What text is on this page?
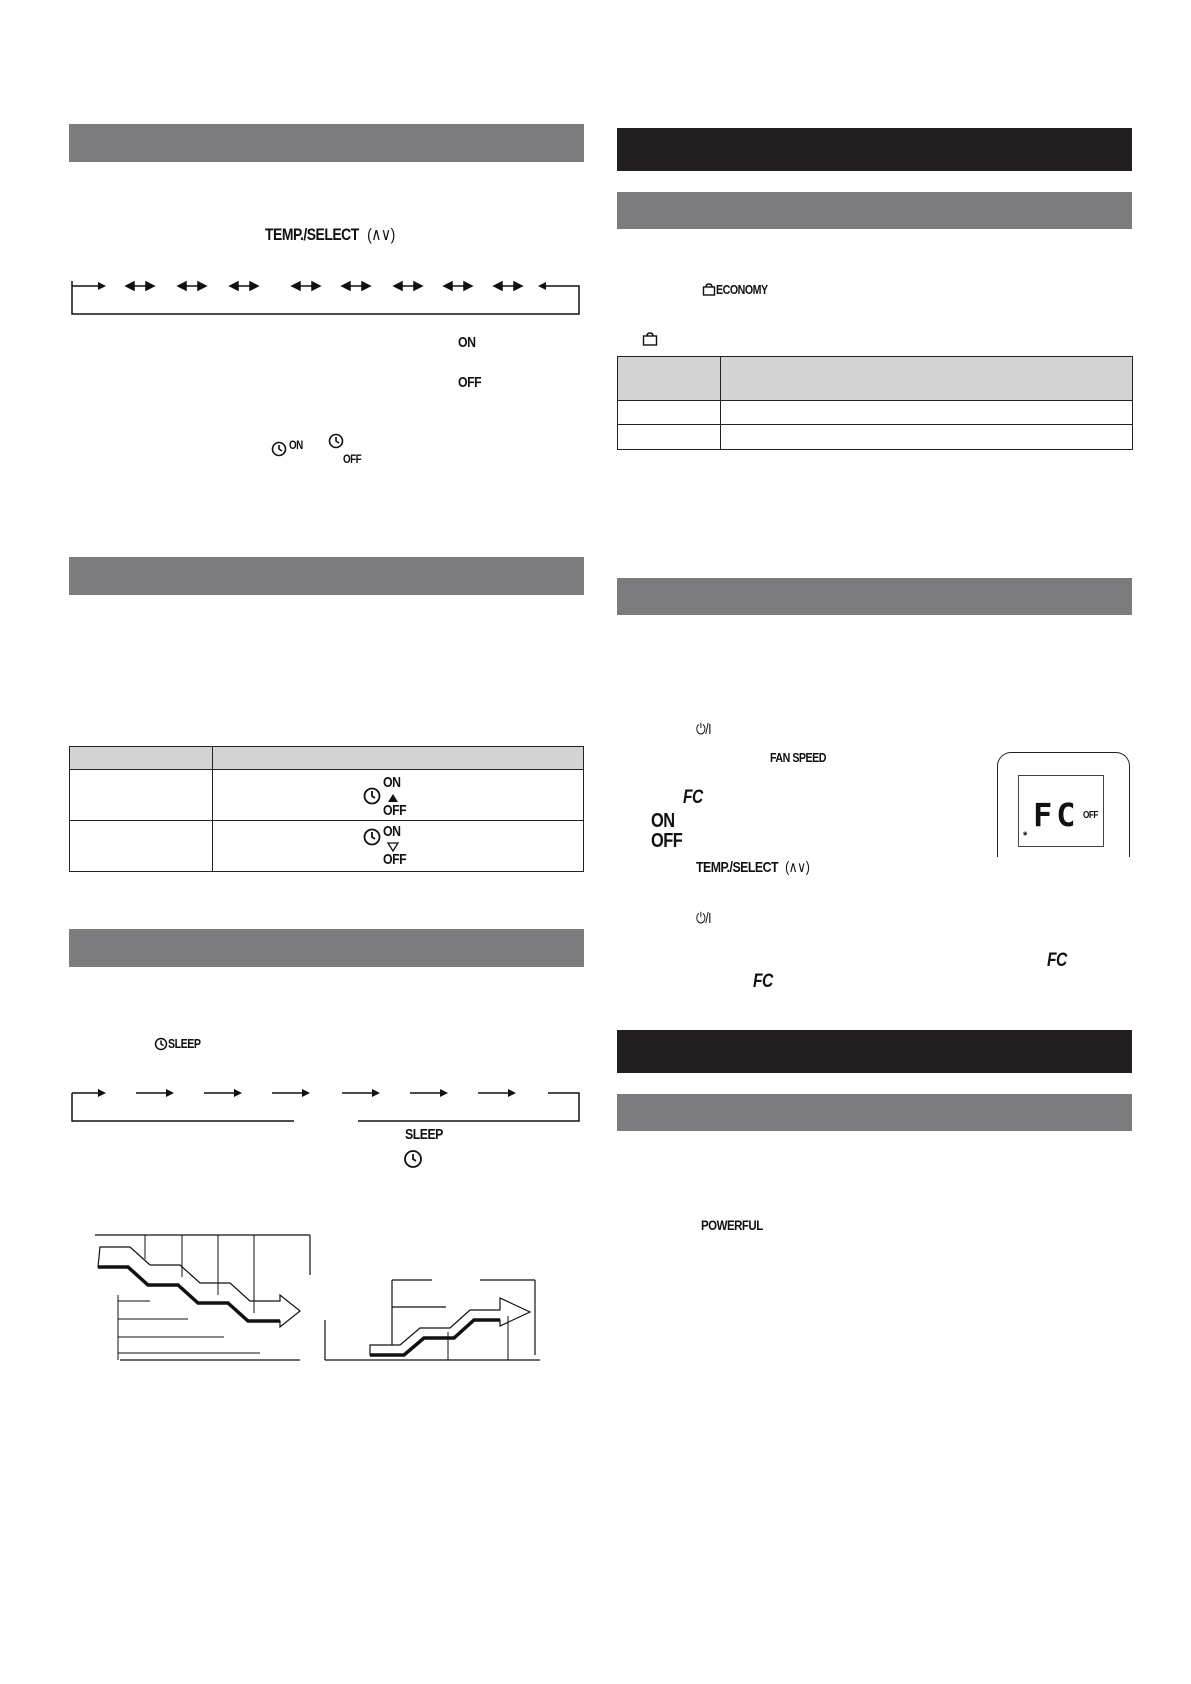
TEMP./SELECT (∧∨)
ON
OFF
ON
OFF

	ON
OFF

	ON
OFF
SLEEP
SLEEP
ECONOMY

⏻/I
FAN SPEED
FC
ON
OFF
TEMP./SELECT (∧∨)
⏻/I
FC
FC
FC OFF
*
POWERFUL
